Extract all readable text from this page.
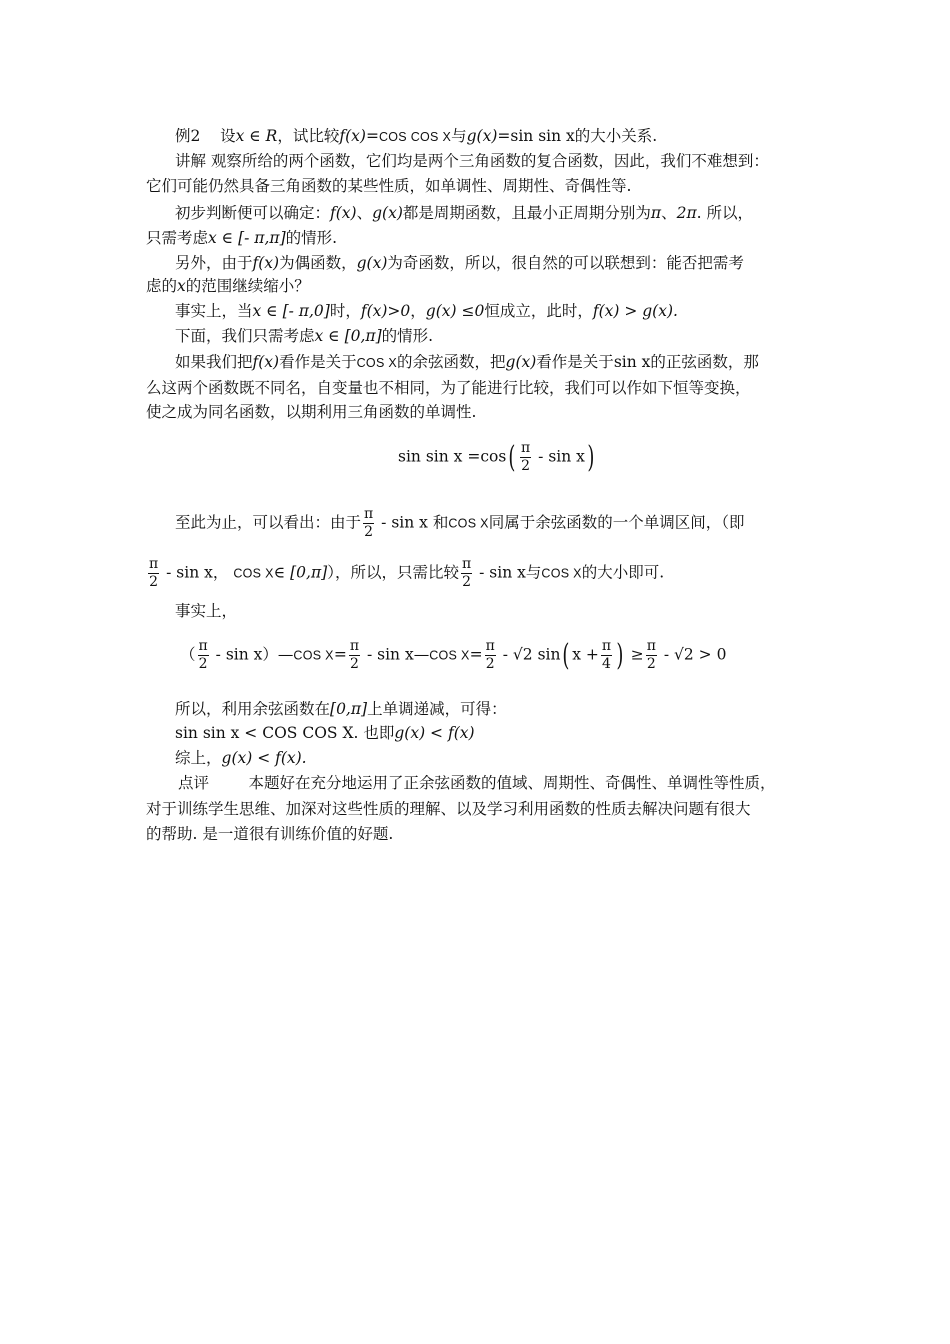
例2 设x ∈ R，试比较f(x)=COS COS X与g(x)=sin sin x的大小关系.
讲解 观察所给的两个函数，它们均是两个三角函数的复合函数，因此，我们不难想到：
它们可能仍然具备三角函数的某些性质，如单调性、周期性、奇偶性等.
初步判断便可以确定：f(x)、g(x)都是周期函数，且最小正周期分别为π、2π. 所以，
只需考虑x ∈ [- π,π]的情形.
另外，由于f(x)为偶函数，g(x)为奇函数，所以，很自然的可以联想到：能否把需考
虑的x的范围继续缩小？
事实上，当x ∈ [- π,0]时，f(x)>0，g(x) ≤0恒成立，此时，f(x) > g(x).
下面，我们只需考虑x ∈ [0,π]的情形.
如果我们把f(x)看作是关于COS X的余弦函数，把g(x)看作是关于sin x的正弦函数，那
么这两个函数既不同名，自变量也不相同，为了能进行比较，我们可以作如下恒等变换，
使之成为同名函数，以期利用三角函数的单调性.
$\sin \sin x =\cos( \frac{\pi}{2} - \sin x)$
至此为止，可以看出：由于 $\frac{\pi}{2}$ - sin x 和COS X同属于余弦函数的一个单调区间，（即
$\frac{\pi}{2}$ - sin x， COS X∈ [0,π]），所以，只需比较 $\frac{\pi}{2}$ - sin x与COS X的大小即可.
事实上，
（ $\frac{\pi}{2}$ - sin x）—COS $X= \frac{\pi}{2} - \sin$ x—COS $X= \frac{\pi}{2} - √2$ sin( $x + \frac{\pi}{4}$ ) ≥ $\frac{\pi}{2} - √2 > 0$
所以，利用余弦函数在[0,π]上单调递减，可得：
sin sin x < COS COS X. 也即g(x) < f(x)
综上，g(x) < f(x).
点评	本题好在充分地运用了正余弦函数的值域、周期性、奇偶性、单调性等性质，
对于训练学生思维、加深对这些性质的理解、以及学习利用函数的性质去解决问题有很大
的帮助. 是一道很有训练价值的好题.
